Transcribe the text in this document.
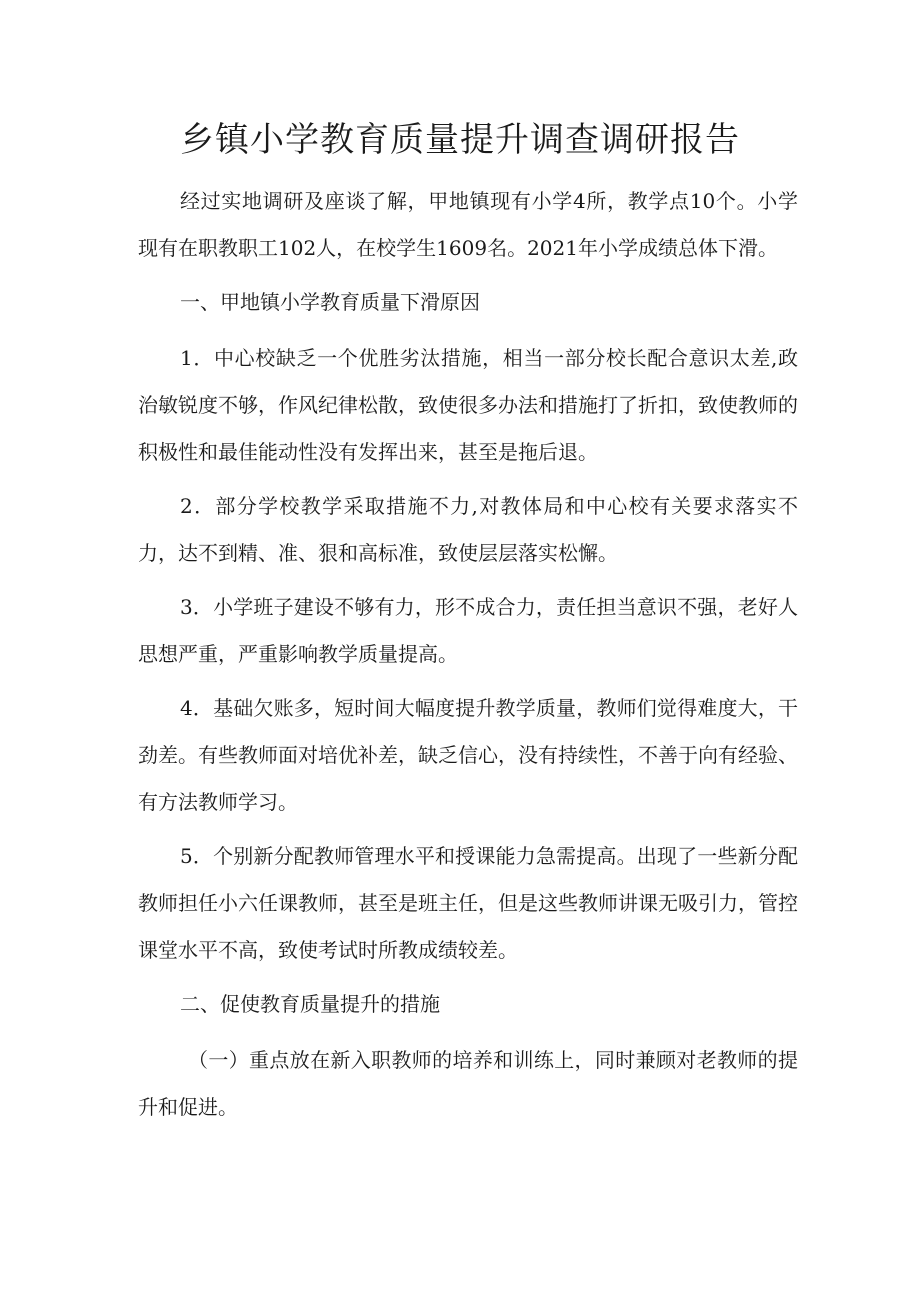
乡镇小学教育质量提升调查调研报告

经过实地调研及座谈了解，甲地镇现有小学4所，教学点10个。小学现有在职教职工102人，在校学生1609名。2021年小学成绩总体下滑。

一、甲地镇小学教育质量下滑原因

1．中心校缺乏一个优胜劣汰措施，相当一部分校长配合意识太差,政治敏锐度不够，作风纪律松散，致使很多办法和措施打了折扣，致使教师的积极性和最佳能动性没有发挥出来，甚至是拖后退。

2．部分学校教学采取措施不力,对教体局和中心校有关要求落实不力，达不到精、准、狠和高标准，致使层层落实松懈。

3．小学班子建设不够有力，形不成合力，责任担当意识不强，老好人思想严重，严重影响教学质量提高。

4．基础欠账多，短时间大幅度提升教学质量，教师们觉得难度大，干劲差。有些教师面对培优补差，缺乏信心，没有持续性，不善于向有经验、有方法教师学习。

5．个别新分配教师管理水平和授课能力急需提高。出现了一些新分配教师担任小六任课教师，甚至是班主任，但是这些教师讲课无吸引力，管控课堂水平不高，致使考试时所教成绩较差。

二、促使教育质量提升的措施

（一）重点放在新入职教师的培养和训练上，同时兼顾对老教师的提升和促进。
